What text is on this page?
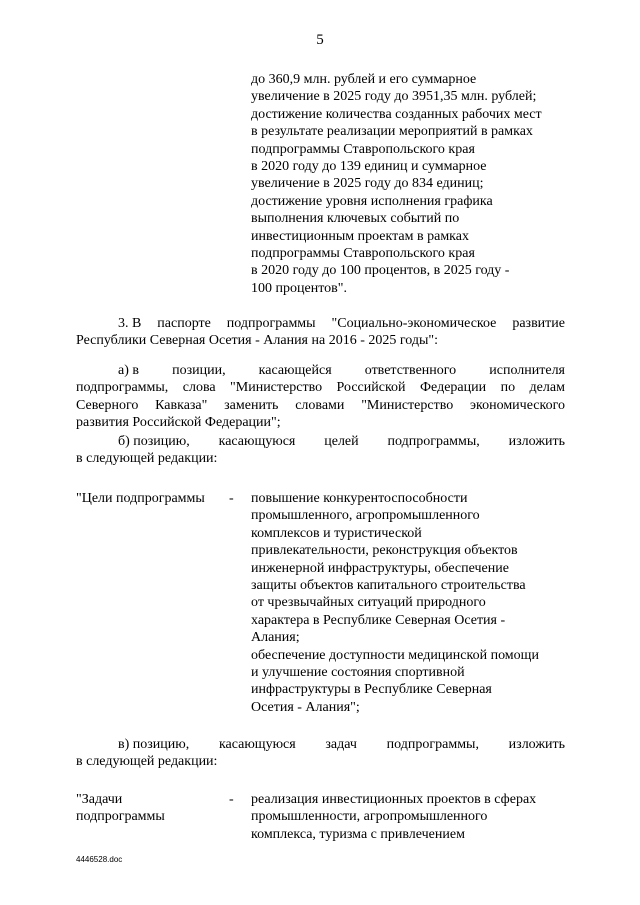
5
до 360,9 млн. рублей и его суммарное
увеличение в 2025 году до 3951,35 млн. рублей;
достижение количества созданных рабочих мест
в результате реализации мероприятий в рамках
подпрограммы Ставропольского края
в 2020 году до 139 единиц и суммарное
увеличение в 2025 году до 834 единиц;
достижение уровня исполнения графика
выполнения ключевых событий по
инвестиционным проектам в рамках
подпрограммы Ставропольского края
в 2020 году до 100 процентов, в 2025 году -
100 процентов".
3. В паспорте подпрограммы "Социально-экономическое развитие
Республики Северная Осетия - Алания на 2016 - 2025 годы":
а) в позиции, касающейся ответственного исполнителя
подпрограммы, слова "Министерство Российской Федерации по делам
Северного Кавказа" заменить словами "Министерство экономического
развития Российской Федерации";
б) позицию, касающуюся целей подпрограммы, изложить
в следующей редакции:
"Цели подпрограммы - повышение конкурентоспособности
промышленного, агропромышленного
комплексов и туристической
привлекательности, реконструкция объектов
инженерной инфраструктуры, обеспечение
защиты объектов капитального строительства
от чрезвычайных ситуаций природного
характера в Республике Северная Осетия -
Алания;
обеспечение доступности медицинской помощи
и улучшение состояния спортивной
инфраструктуры в Республике Северная
Осетия - Алания";
в) позицию, касающуюся задач подпрограммы, изложить
в следующей редакции:
"Задачи
подпрограммы
- реализация инвестиционных проектов в сферах
промышленности, агропромышленного
комплекса, туризма с привлечением
4446528.doc
